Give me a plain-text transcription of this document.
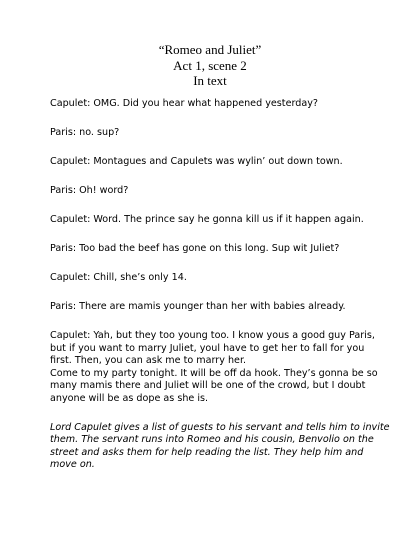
“Romeo and Juliet”
Act 1, scene 2
In text

Capulet: OMG. Did you hear what happened yesterday?

Paris: no. sup?

Capulet: Montagues and Capulets was wylin’ out down town.

Paris: Oh! word?

Capulet: Word. The prince say he gonna kill us if it happen again.

Paris: Too bad the beef has gone on this long. Sup wit Juliet?

Capulet: Chill, she’s only 14.

Paris: There are mamis younger than her with babies already.

Capulet: Yah, but they too young too. I know yous a good guy Paris,
but if you want to marry Juliet, youl have to get her to fall for you
first. Then, you can ask me to marry her.
Come to my party tonight. It will be off da hook. They’s gonna be so
many mamis there and Juliet will be one of the crowd, but I doubt
anyone will be as dope as she is.

Lord Capulet gives a list of guests to his servant and tells him to invite
them. The servant runs into Romeo and his cousin, Benvolio on the
street and asks them for help reading the list. They help him and
move on.
